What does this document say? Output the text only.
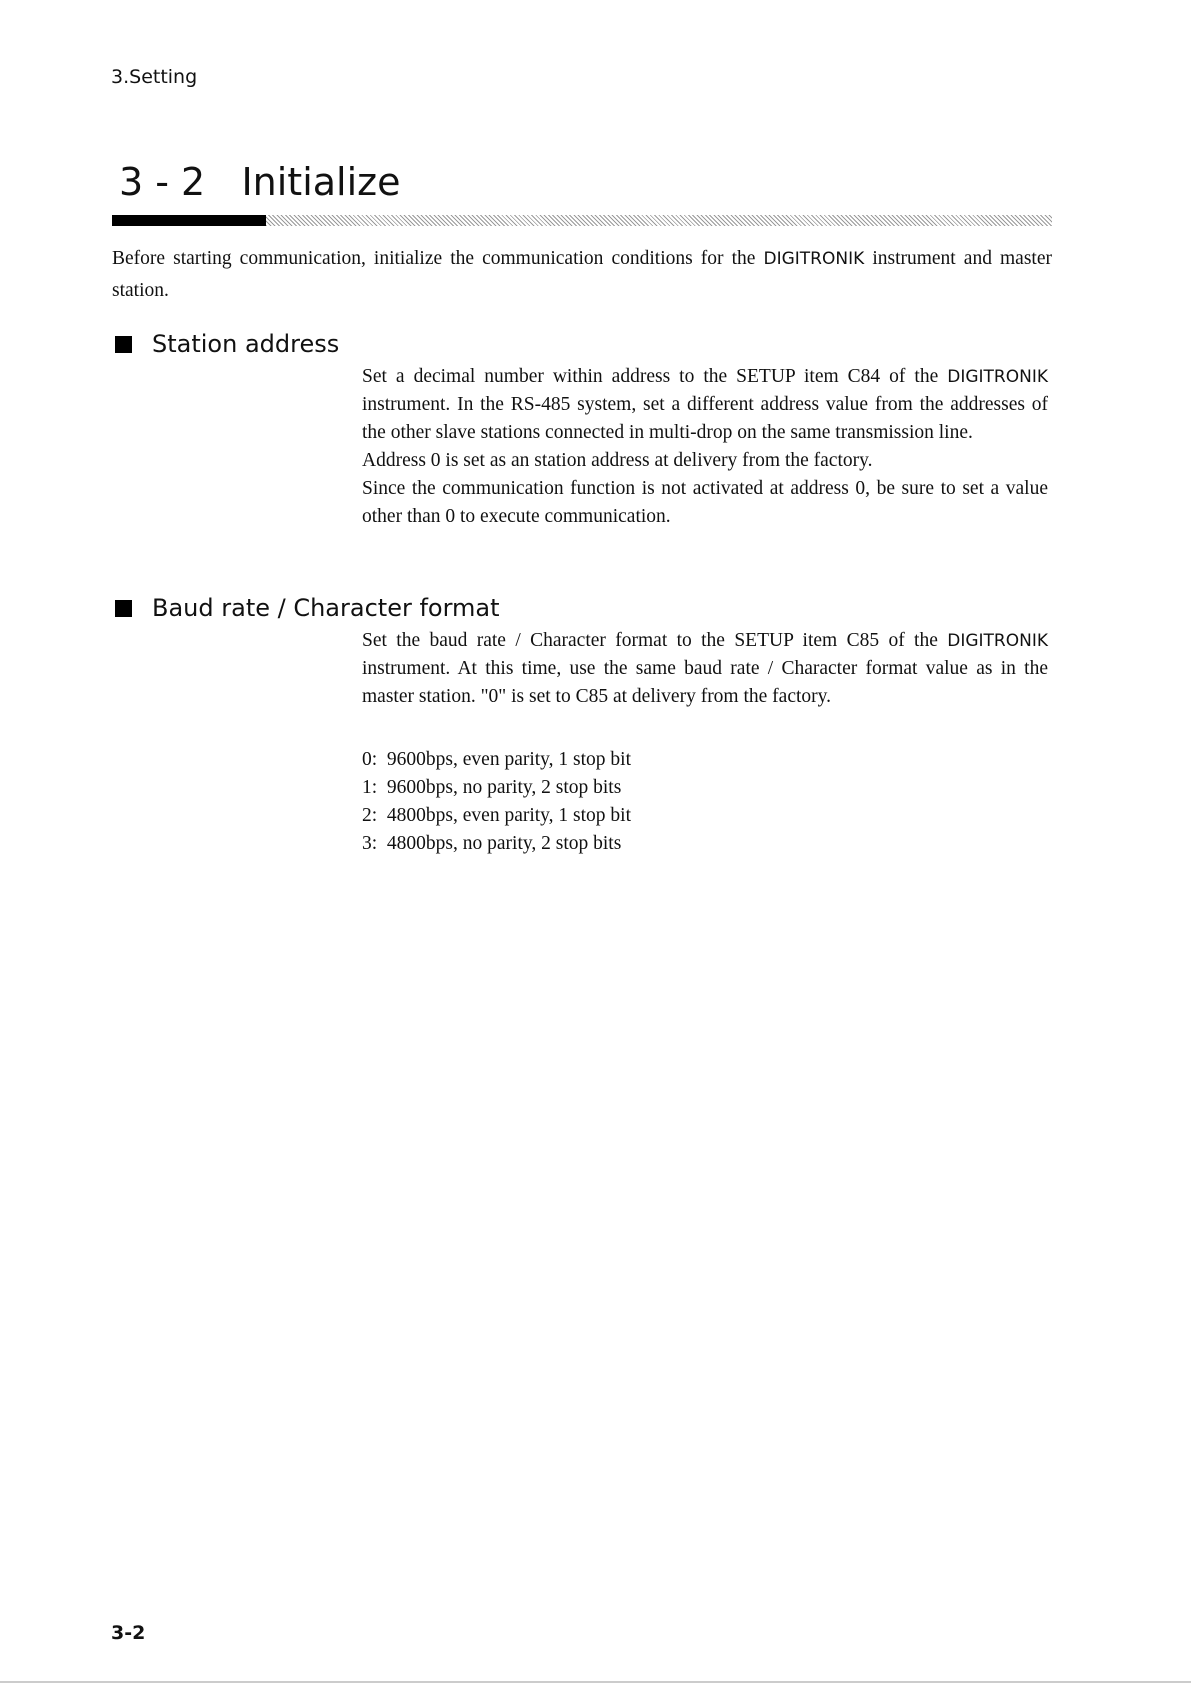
3.Setting
3 - 2   Initialize
Before starting communication, initialize the communication conditions for the DIGITRONIK instrument and master station.
Station address
Set a decimal number within address to the SETUP item C84 of the DIGITRONIK instrument. In the RS-485 system, set a different address value from the addresses of the other slave stations connected in multi-drop on the same transmission line.
Address 0 is set as an station address at delivery from the factory.
Since the communication function is not activated at address 0, be sure to set a value other than 0 to execute communication.
Baud rate / Character format
Set the baud rate / Character format to the SETUP item C85 of the DIGITRONIK instrument. At this time, use the same baud rate / Character format value as in the master station. "0" is set to C85 at delivery from the factory.
0:  9600bps, even parity, 1 stop bit
1:  9600bps, no parity, 2 stop bits
2:  4800bps, even parity, 1 stop bit
3:  4800bps, no parity, 2 stop bits
3-2
